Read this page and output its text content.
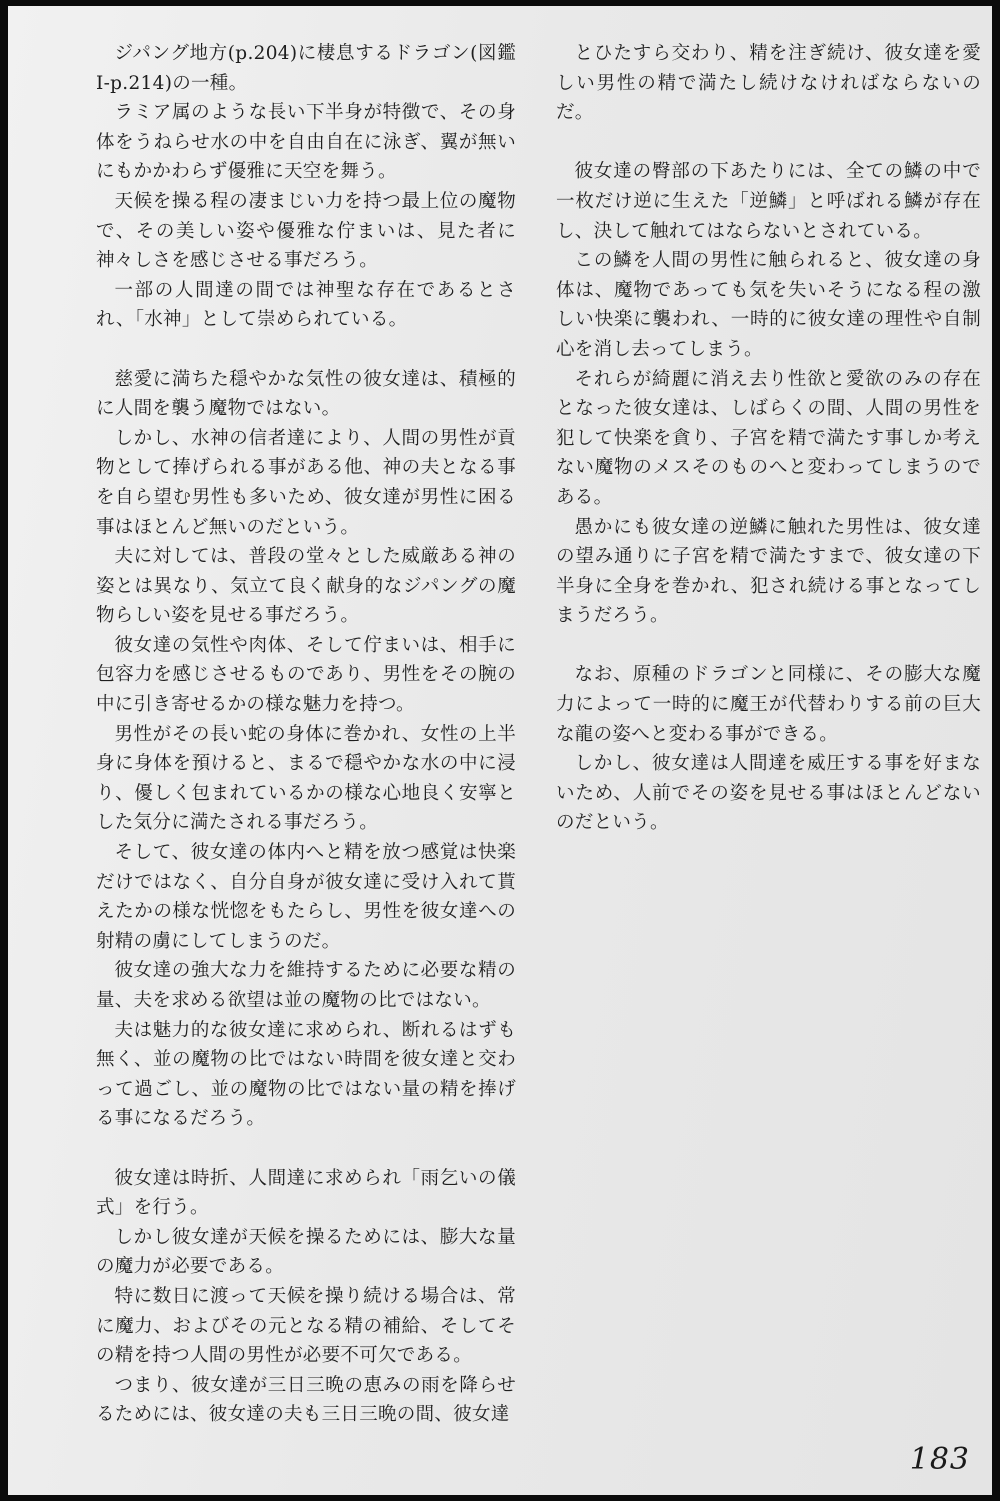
ジパング地方(p.204)に棲息するドラゴン(図鑑Ⅰ-p.214)の一種。

ラミア属のような長い下半身が特徴で、その身体をうねらせ水の中を自由自在に泳ぎ、翼が無いにもかかわらず優雅に天空を舞う。

天候を操る程の凄まじい力を持つ最上位の魔物で、その美しい姿や優雅な佇まいは、見た者に神々しさを感じさせる事だろう。

一部の人間達の間では神聖な存在であるとされ、「水神」として崇められている。

慈愛に満ちた穏やかな気性の彼女達は、積極的に人間を襲う魔物ではない。

しかし、水神の信者達により、人間の男性が貢物として捧げられる事がある他、神の夫となる事を自ら望む男性も多いため、彼女達が男性に困る事はほとんど無いのだという。

夫に対しては、普段の堂々とした威厳ある神の姿とは異なり、気立て良く献身的なジパングの魔物らしい姿を見せる事だろう。

彼女達の気性や肉体、そして佇まいは、相手に包容力を感じさせるものであり、男性をその腕の中に引き寄せるかの様な魅力を持つ。

男性がその長い蛇の身体に巻かれ、女性の上半身に身体を預けると、まるで穏やかな水の中に浸り、優しく包まれているかの様な心地良く安寧とした気分に満たされる事だろう。

そして、彼女達の体内へと精を放つ感覚は快楽だけではなく、自分自身が彼女達に受け入れて貰えたかの様な恍惚をもたらし、男性を彼女達への射精の虜にしてしまうのだ。

彼女達の強大な力を維持するために必要な精の量、夫を求める欲望は並の魔物の比ではない。

夫は魅力的な彼女達に求められ、断れるはずも無く、並の魔物の比ではない時間を彼女達と交わって過ごし、並の魔物の比ではない量の精を捧げる事になるだろう。

彼女達は時折、人間達に求められ「雨乞いの儀式」を行う。

しかし彼女達が天候を操るためには、膨大な量の魔力が必要である。

特に数日に渡って天候を操り続ける場合は、常に魔力、およびその元となる精の補給、そしてその精を持つ人間の男性が必要不可欠である。

つまり、彼女達が三日三晩の恵みの雨を降らせるためには、彼女達の夫も三日三晩の間、彼女達

とひたすら交わり、精を注ぎ続け、彼女達を愛しい男性の精で満たし続けなければならないのだ。

彼女達の臀部の下あたりには、全ての鱗の中で一枚だけ逆に生えた「逆鱗」と呼ばれる鱗が存在し、決して触れてはならないとされている。

この鱗を人間の男性に触られると、彼女達の身体は、魔物であっても気を失いそうになる程の激しい快楽に襲われ、一時的に彼女達の理性や自制心を消し去ってしまう。

それらが綺麗に消え去り性欲と愛欲のみの存在となった彼女達は、しばらくの間、人間の男性を犯して快楽を貪り、子宮を精で満たす事しか考えない魔物のメスそのものへと変わってしまうのである。

愚かにも彼女達の逆鱗に触れた男性は、彼女達の望み通りに子宮を精で満たすまで、彼女達の下半身に全身を巻かれ、犯され続ける事となってしまうだろう。

なお、原種のドラゴンと同様に、その膨大な魔力によって一時的に魔王が代替わりする前の巨大な龍の姿へと変わる事ができる。

しかし、彼女達は人間達を威圧する事を好まないため、人前でその姿を見せる事はほとんどないのだという。

183
